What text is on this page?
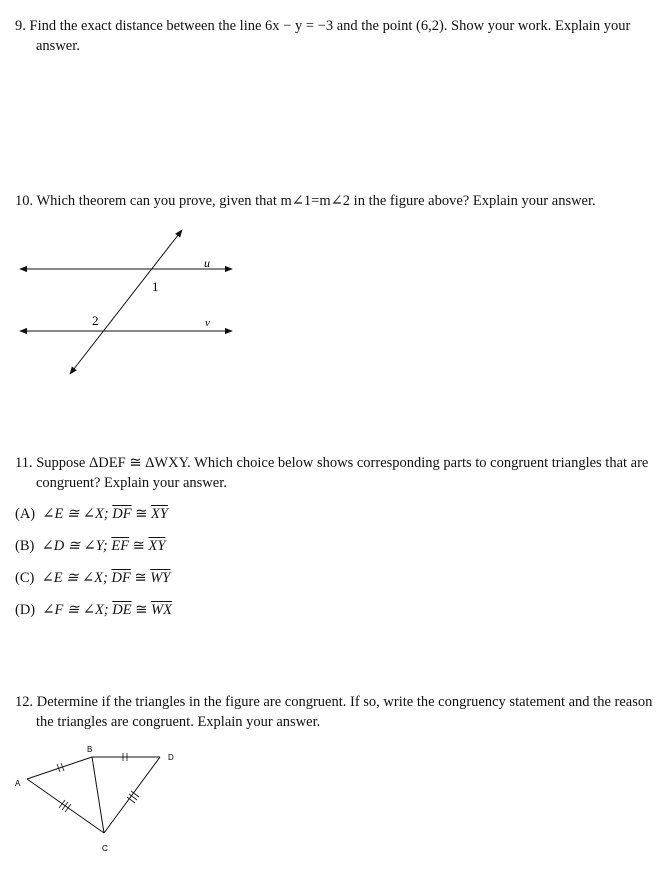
9. Find the exact distance between the line 6x − y = −3 and the point (6,2). Show your work. Explain your
answer.
10. Which theorem can you prove, given that m∠1=m∠2 in the figure above? Explain your answer.
1
2
u
v
11. Suppose ΔDEF ≅ ΔWXY. Which choice below shows corresponding parts to congruent triangles that are
congruent? Explain your answer.
(A) ∠E ≅ ∠X; $\overline{DF}$ ≅ $\overline{XY}$
(B) ∠D ≅ ∠Y; $\overline{EF}$ ≅ $\overline{XY}$
(C) ∠E ≅ ∠X; $\overline{DF}$ ≅ $\overline{WY}$
(D) ∠F ≅ ∠X; $\overline{DE}$ ≅ $\overline{WX}$
12. Determine if the triangles in the figure are congruent. If so, write the congruency statement and the reason
the triangles are congruent. Explain your answer.
A
B
C
D
